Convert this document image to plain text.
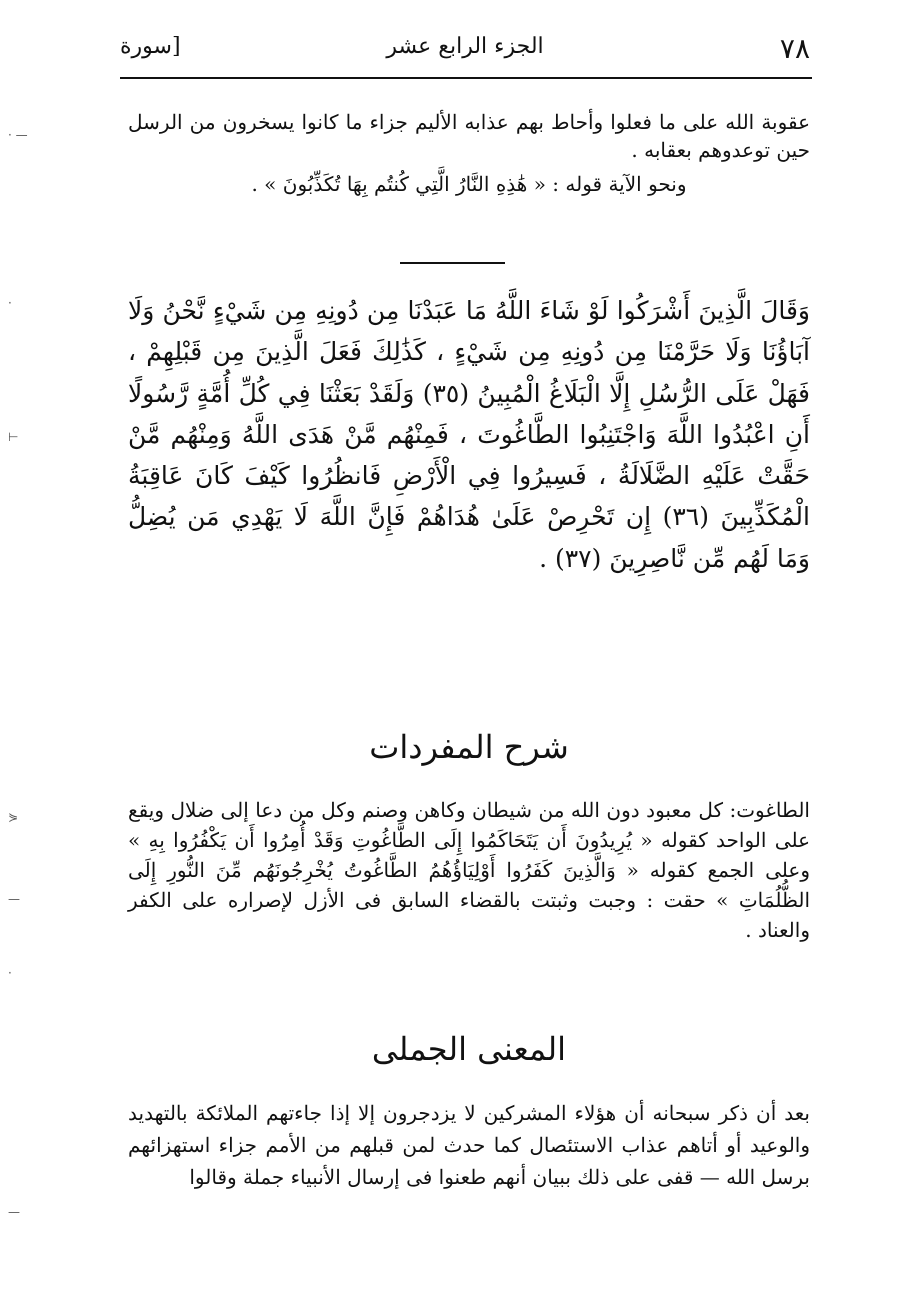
٧٨
الجزء الرابع عشر
[سورة

عقوبة الله على ما فعلوا وأحاط بهم عذابه الأليم جزاء ما كانوا يسخرون من الرسل حين توعدوهم بعقابه .

ونحو الآية قوله : « هَٰذِهِ النَّارُ الَّتِي كُنتُم بِهَا تُكَذِّبُونَ » .

وَقَالَ الَّذِينَ أَشْرَكُوا لَوْ شَاءَ اللَّهُ مَا عَبَدْنَا مِن دُونِهِ مِن شَيْءٍ نَّحْنُ وَلَا آبَاؤُنَا وَلَا حَرَّمْنَا مِن دُونِهِ مِن شَيْءٍ ، كَذَٰلِكَ فَعَلَ الَّذِينَ مِن قَبْلِهِمْ ، فَهَلْ عَلَى الرُّسُلِ إِلَّا الْبَلَاغُ الْمُبِينُ (٣٥) وَلَقَدْ بَعَثْنَا فِي كُلِّ أُمَّةٍ رَّسُولًا أَنِ اعْبُدُوا اللَّهَ وَاجْتَنِبُوا الطَّاغُوتَ ، فَمِنْهُم مَّنْ هَدَى اللَّهُ وَمِنْهُم مَّنْ حَقَّتْ عَلَيْهِ الضَّلَالَةُ ، فَسِيرُوا فِي الْأَرْضِ فَانظُرُوا كَيْفَ كَانَ عَاقِبَةُ الْمُكَذِّبِينَ (٣٦) إِن تَحْرِصْ عَلَىٰ هُدَاهُمْ فَإِنَّ اللَّهَ لَا يَهْدِي مَن يُضِلُّ وَمَا لَهُم مِّن نَّاصِرِينَ (٣٧) .
شرح المفردات
الطاغوت: كل معبود دون الله من شيطان وكاهن وصنم وكل من دعا إلى ضلال ويقع على الواحد كقوله « يُرِيدُونَ أَن يَتَحَاكَمُوا إِلَى الطَّاغُوتِ وَقَدْ أُمِرُوا أَن يَكْفُرُوا بِهِ » وعلى الجمع كقوله « وَالَّذِينَ كَفَرُوا أَوْلِيَاؤُهُمُ الطَّاغُوتُ يُخْرِجُونَهُم مِّنَ النُّورِ إِلَى الظُّلُمَاتِ » حقت : وجبت وثبتت بالقضاء السابق فى الأزل لإصراره على الكفر والعناد .
المعنى الجملى
بعد أن ذكر سبحانه أن هؤلاء المشركين لا يزدجرون إلا إذا جاءتهم الملائكة بالتهديد والوعيد أو أتاهم عذاب الاستئصال كما حدث لمن قبلهم من الأمم جزاء استهزائهم برسل الله — قفى على ذلك ببيان أنهم طعنوا فى إرسال الأنبياء جملة وقالوا
· —
·
⊢
⋟
—
·
—
